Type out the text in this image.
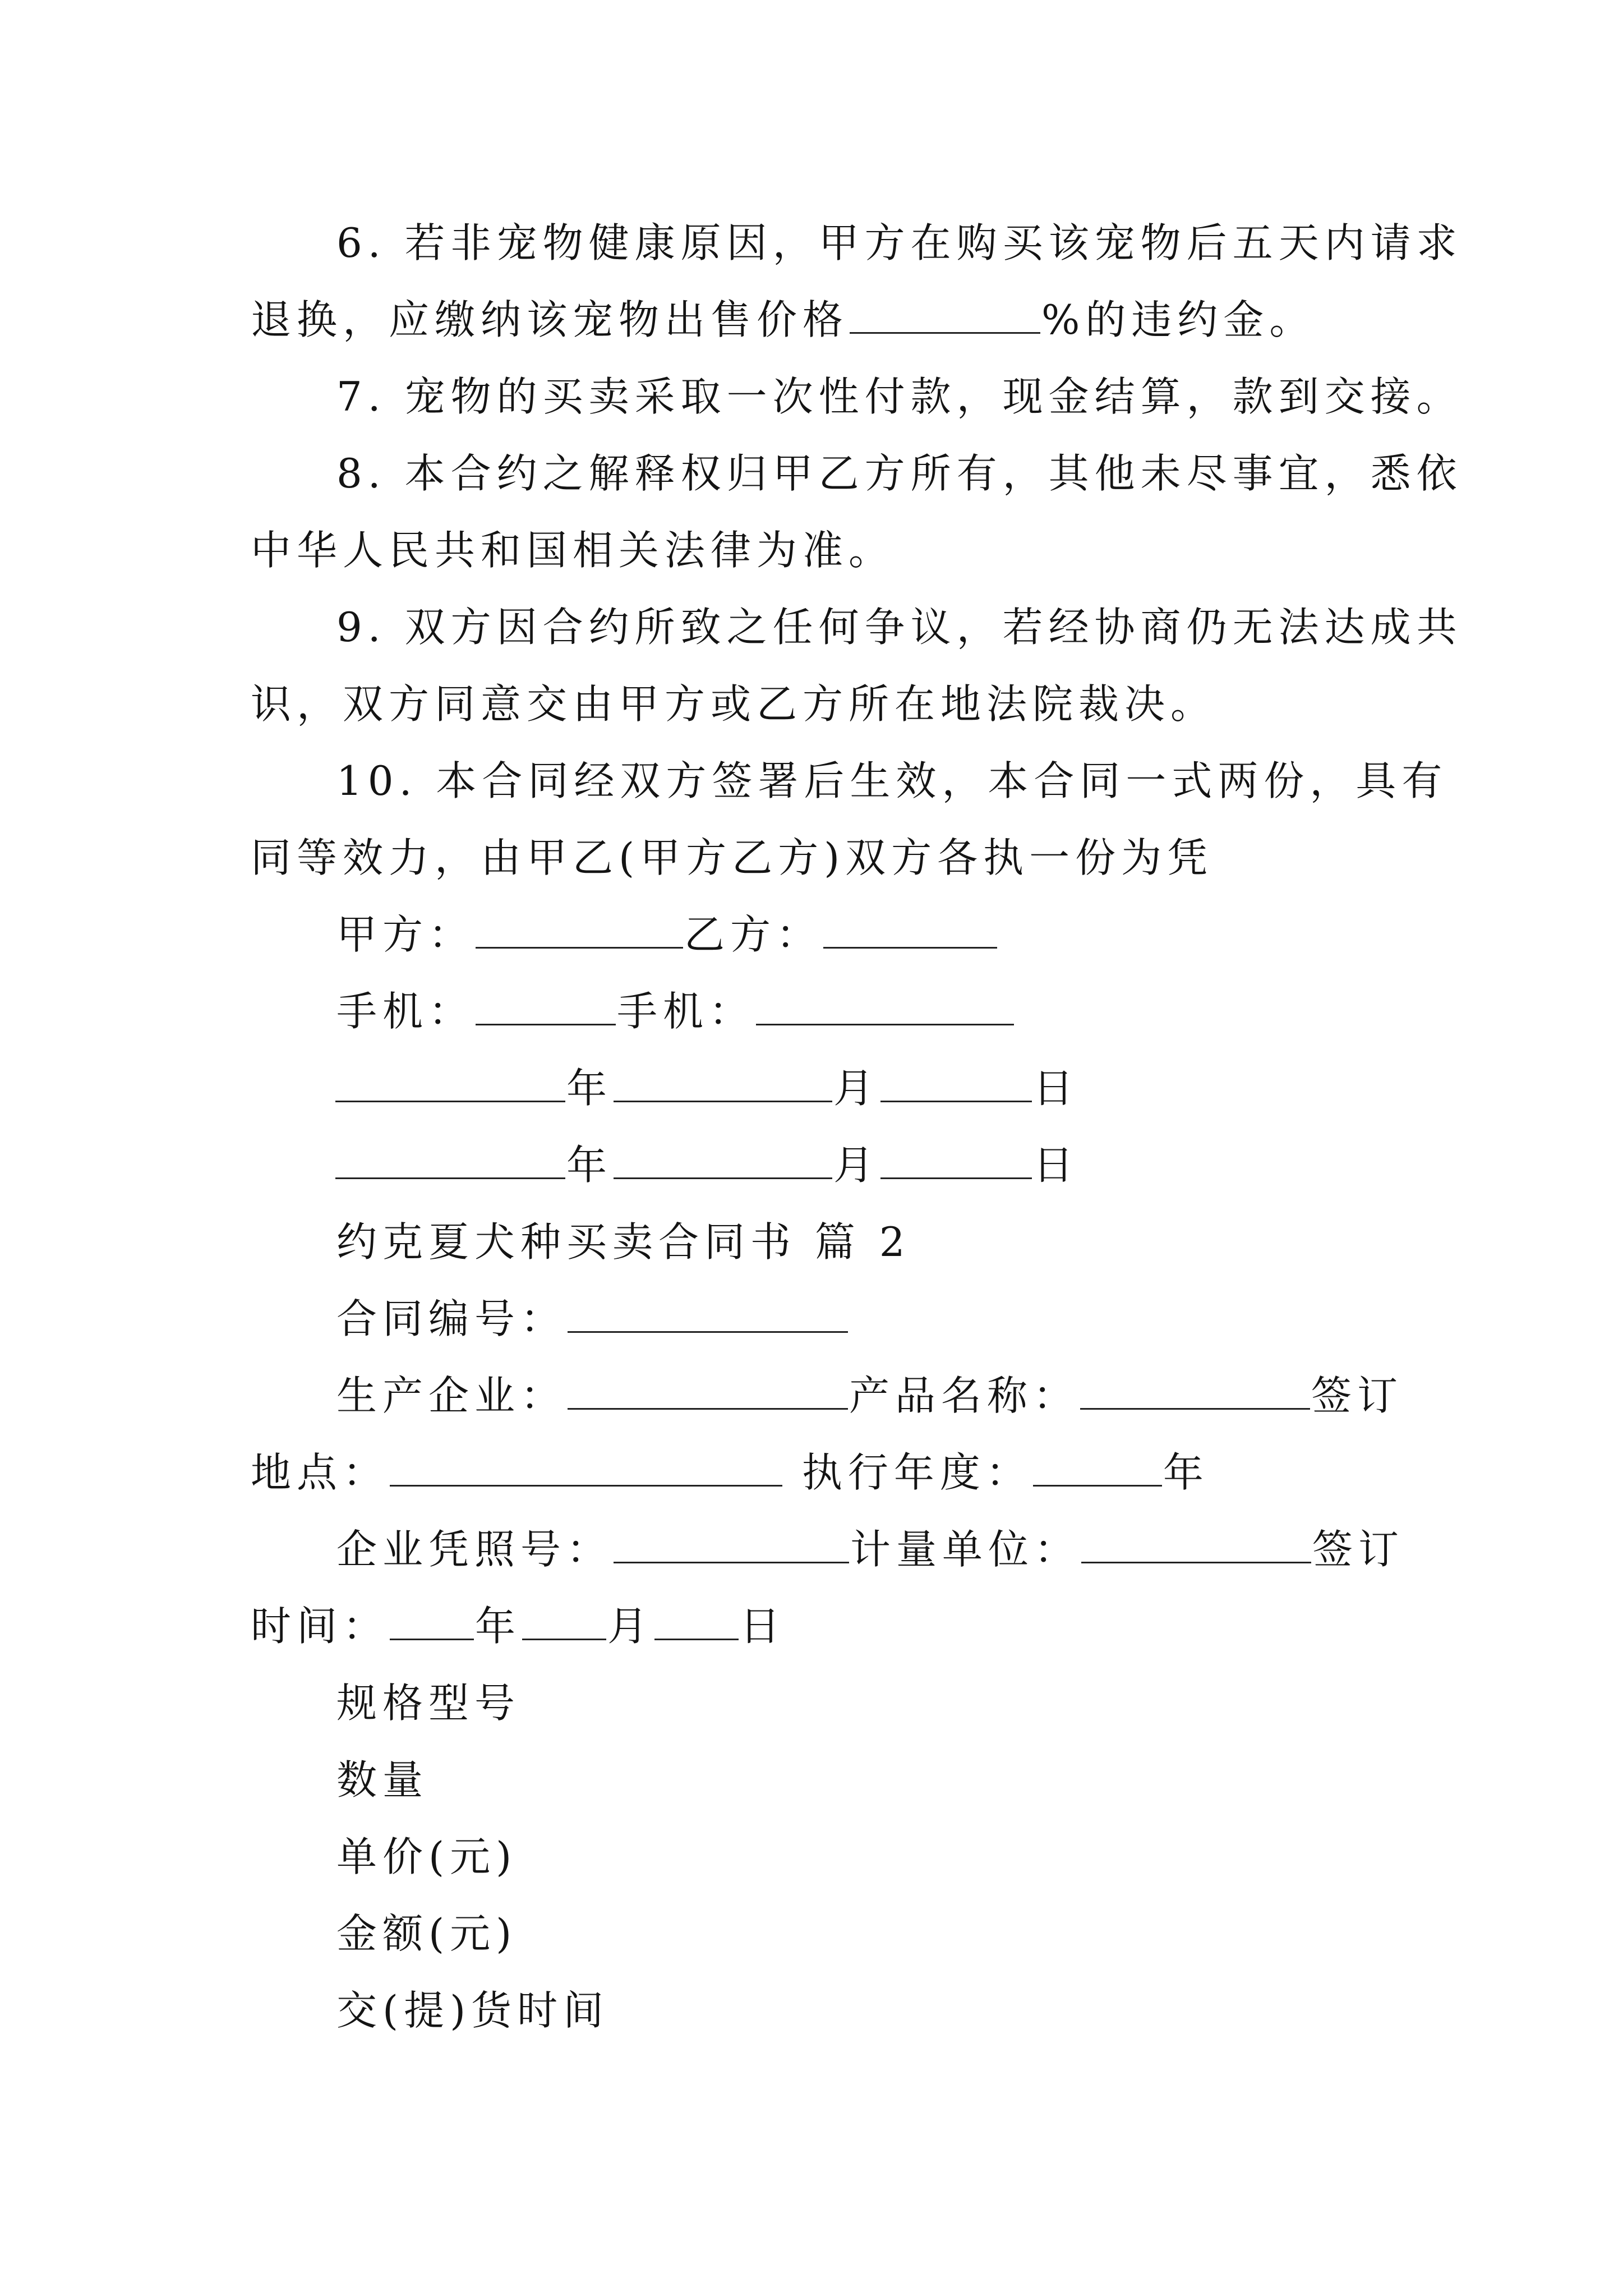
6. 若非宠物健康原因，甲方在购买该宠物后五天内请求
退换，应缴纳该宠物出售价格	%的违约金。
7. 宠物的买卖采取一次性付款，现金结算，款到交接。
8. 本合约之解释权归甲乙方所有，其他未尽事宜，悉依
中华人民共和国相关法律为准。
9. 双方因合约所致之任何争议，若经协商仍无法达成共
识，双方同意交由甲方或乙方所在地法院裁决。
10. 本合同经双方签署后生效，本合同一式两份，具有
同等效力，由甲乙(甲方乙方)双方各执一份为凭
甲方：	乙方：
手机：	手机：
年	月	日
年	月	日
约克夏犬种买卖合同书 篇 2
合同编号：
生产企业：	产品名称：	签订
地点：	执行年度：	年
企业凭照号：	计量单位：	签订
时间： 年 月 日
规格型号
数量
单价(元)
金额(元)
交(提)货时间
